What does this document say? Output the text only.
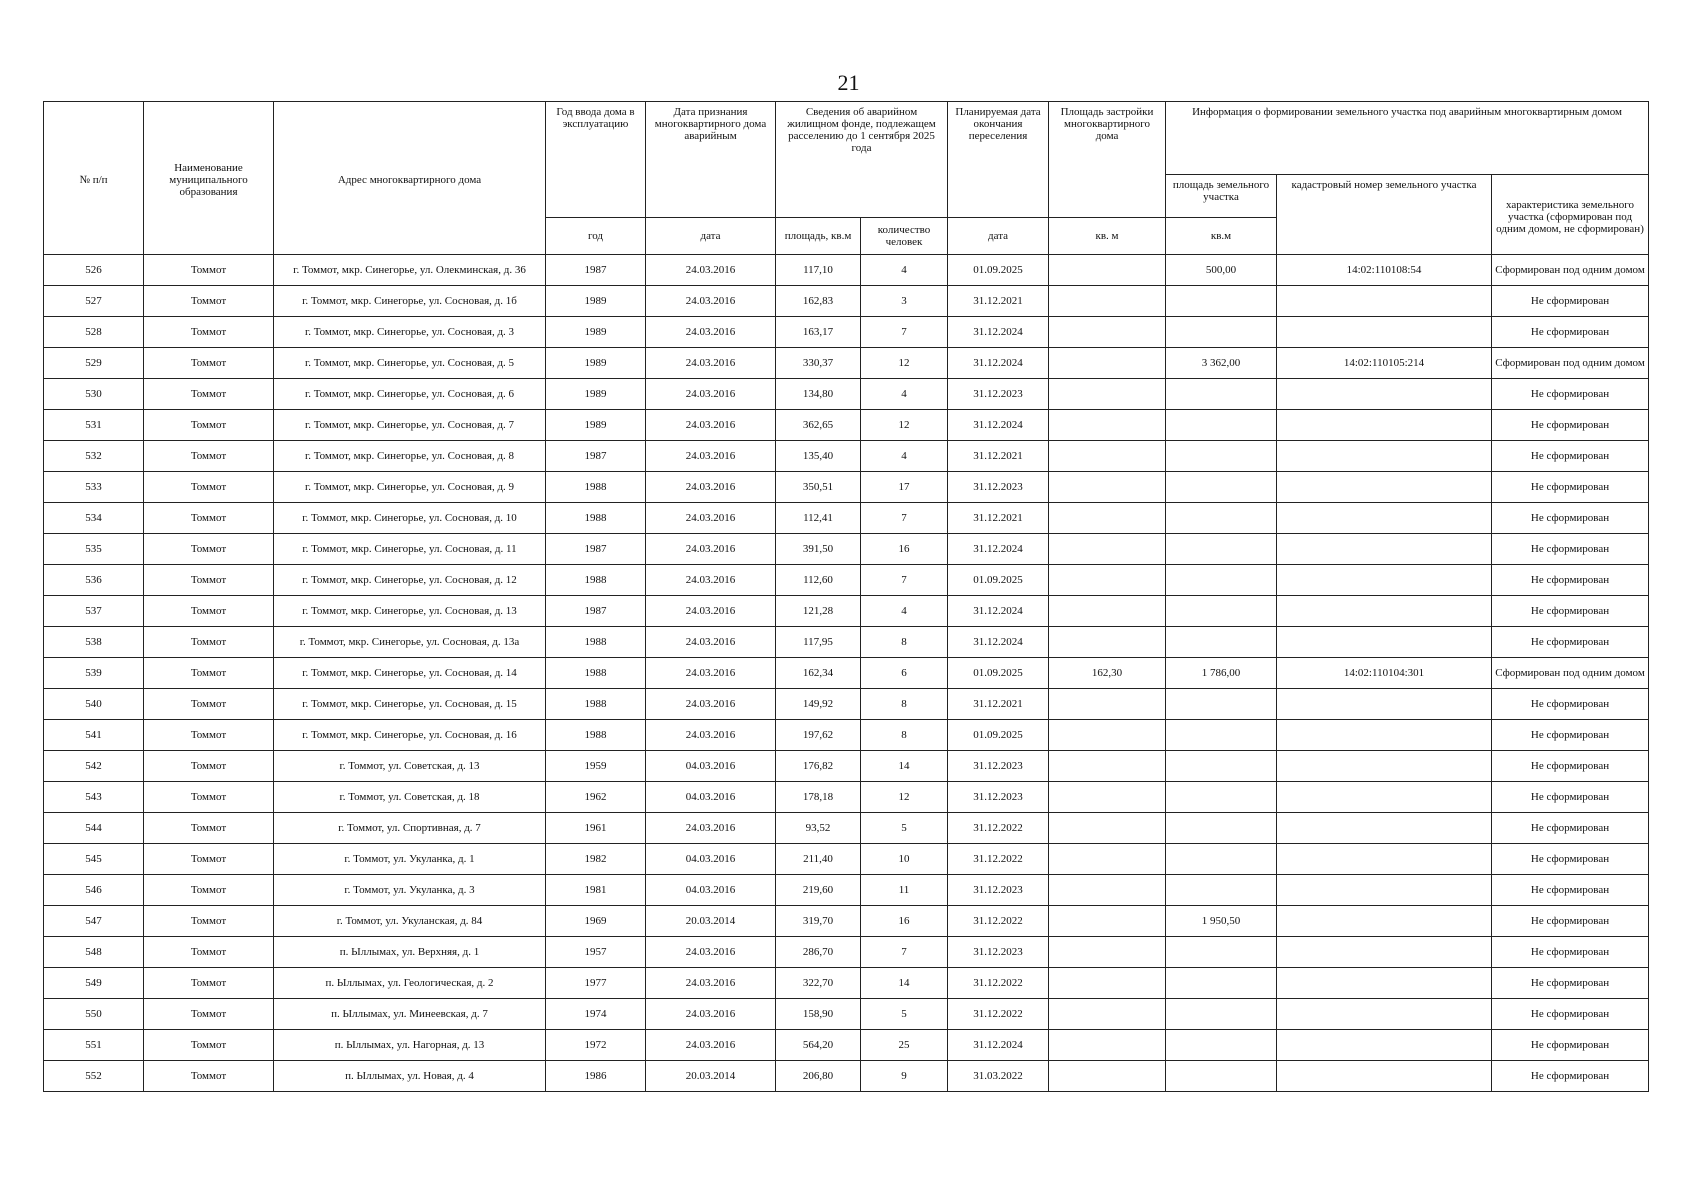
21
№ п/п	Наименование муниципального образования	Адрес многоквартирного дома	Год ввода дома в эксплуатацию	Дата признания многоквартирного дома аварийным	Сведения об аварийном жилищном фонде, подлежащем расселению до 1 сентября 2025 года		Планируемая дата окончания переселения	Площадь застройки многоквартирного дома	Информация о формировании земельного участка под аварийным многоквартирным домом		
									площадь земельного участка	кадастровый номер земельного участка	характеристика земельного участка (сформирован под одним домом, не сформирован)
			год	дата	площадь, кв.м	количество человек	дата	кв. м	кв.м		
526	Томмот	г. Томмот, мкр. Синегорье, ул. Олекминская, д. 36	1987	24.03.2016	117,10	4	01.09.2025		500,00	14:02:110108:54	Сформирован под одним домом
527	Томмот	г. Томмот, мкр. Синегорье, ул. Сосновая, д. 1б	1989	24.03.2016	162,83	3	31.12.2021				Не сформирован
528	Томмот	г. Томмот, мкр. Синегорье, ул. Сосновая, д. 3	1989	24.03.2016	163,17	7	31.12.2024				Не сформирован
529	Томмот	г. Томмот, мкр. Синегорье, ул. Сосновая, д. 5	1989	24.03.2016	330,37	12	31.12.2024		3 362,00	14:02:110105:214	Сформирован под одним домом
530	Томмот	г. Томмот, мкр. Синегорье, ул. Сосновая, д. 6	1989	24.03.2016	134,80	4	31.12.2023				Не сформирован
531	Томмот	г. Томмот, мкр. Синегорье, ул. Сосновая, д. 7	1989	24.03.2016	362,65	12	31.12.2024				Не сформирован
532	Томмот	г. Томмот, мкр. Синегорье, ул. Сосновая, д. 8	1987	24.03.2016	135,40	4	31.12.2021				Не сформирован
533	Томмот	г. Томмот, мкр. Синегорье, ул. Сосновая, д. 9	1988	24.03.2016	350,51	17	31.12.2023				Не сформирован
534	Томмот	г. Томмот, мкр. Синегорье, ул. Сосновая, д. 10	1988	24.03.2016	112,41	7	31.12.2021				Не сформирован
535	Томмот	г. Томмот, мкр. Синегорье, ул. Сосновая, д. 11	1987	24.03.2016	391,50	16	31.12.2024				Не сформирован
536	Томмот	г. Томмот, мкр. Синегорье, ул. Сосновая, д. 12	1988	24.03.2016	112,60	7	01.09.2025				Не сформирован
537	Томмот	г. Томмот, мкр. Синегорье, ул. Сосновая, д. 13	1987	24.03.2016	121,28	4	31.12.2024				Не сформирован
538	Томмот	г. Томмот, мкр. Синегорье, ул. Сосновая, д. 13а	1988	24.03.2016	117,95	8	31.12.2024				Не сформирован
539	Томмот	г. Томмот, мкр. Синегорье, ул. Сосновая, д. 14	1988	24.03.2016	162,34	6	01.09.2025	162,30	1 786,00	14:02:110104:301	Сформирован под одним домом
540	Томмот	г. Томмот, мкр. Синегорье, ул. Сосновая, д. 15	1988	24.03.2016	149,92	8	31.12.2021				Не сформирован
541	Томмот	г. Томмот, мкр. Синегорье, ул. Сосновая, д. 16	1988	24.03.2016	197,62	8	01.09.2025				Не сформирован
542	Томмот	г. Томмот, ул. Советская, д. 13	1959	04.03.2016	176,82	14	31.12.2023				Не сформирован
543	Томмот	г. Томмот, ул. Советская, д. 18	1962	04.03.2016	178,18	12	31.12.2023				Не сформирован
544	Томмот	г. Томмот, ул. Спортивная, д. 7	1961	24.03.2016	93,52	5	31.12.2022				Не сформирован
545	Томмот	г. Томмот, ул. Укуланка, д. 1	1982	04.03.2016	211,40	10	31.12.2022				Не сформирован
546	Томмот	г. Томмот, ул. Укуланка, д. 3	1981	04.03.2016	219,60	11	31.12.2023				Не сформирован
547	Томмот	г. Томмот, ул. Укуланская, д. 84	1969	20.03.2014	319,70	16	31.12.2022		1 950,50		Не сформирован
548	Томмот	п. Ыллымах, ул. Верхняя, д. 1	1957	24.03.2016	286,70	7	31.12.2023				Не сформирован
549	Томмот	п. Ыллымах, ул. Геологическая, д. 2	1977	24.03.2016	322,70	14	31.12.2022				Не сформирован
550	Томмот	п. Ыллымах, ул. Минеевская, д. 7	1974	24.03.2016	158,90	5	31.12.2022				Не сформирован
551	Томмот	п. Ыллымах, ул. Нагорная, д. 13	1972	24.03.2016	564,20	25	31.12.2024				Не сформирован
552	Томмот	п. Ыллымах, ул. Новая, д. 4	1986	20.03.2014	206,80	9	31.03.2022				Не сформирован
